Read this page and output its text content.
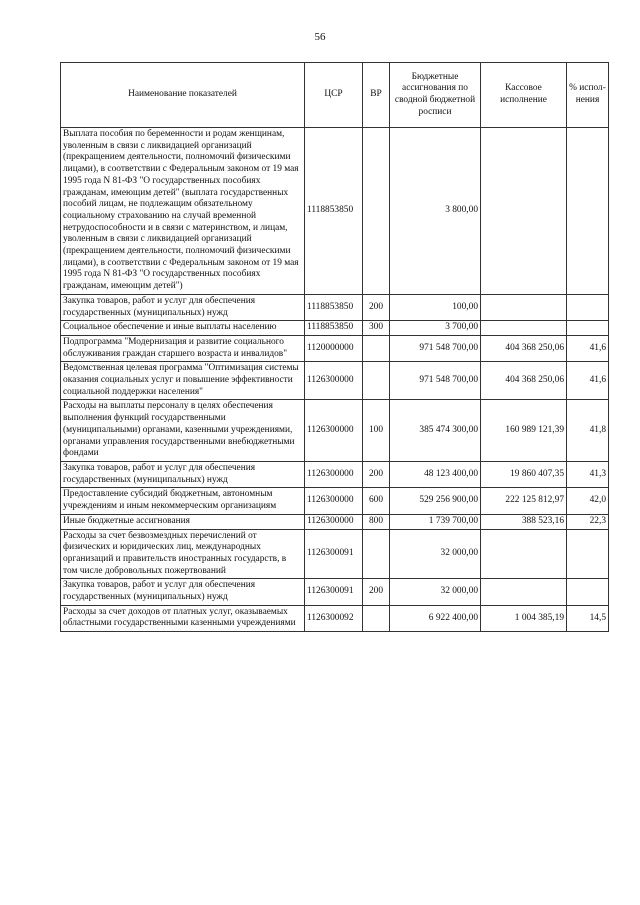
56
Наименование показателей	ЦСР	ВР	Бюджетные ассигнования по сводной бюджетной росписи	Кассовое исполнение	% испол-нения
Выплата пособия по беременности и родам женщинам, уволенным в связи с ликвидацией организаций (прекращением деятельности, полномочий физическими лицами), в соответствии с Федеральным законом от 19 мая 1995 года N 81-ФЗ "О государственных пособиях гражданам, имеющим детей" (выплата государственных пособий лицам, не подлежащим обязательному социальному страхованию на случай временной нетрудоспособности и в связи с материнством, и лицам, уволенным в связи с ликвидацией организаций (прекращением деятельности, полномочий физическими лицами), в соответствии с Федеральным законом от 19 мая 1995 года N 81-ФЗ "О государственных пособиях гражданам, имеющим детей")	1118853850		3 800,00		
Закупка товаров, работ и услуг для обеспечения государственных (муниципальных) нужд	1118853850	200	100,00		
Социальное обеспечение и иные выплаты населению	1118853850	300	3 700,00		
Подпрограмма "Модернизация и развитие социального обслуживания граждан старшего возраста и инвалидов"	1120000000		971 548 700,00	404 368 250,06	41,6
Ведомственная целевая программа "Оптимизация системы оказания социальных услуг и повышение эффективности социальной поддержки населения"	1126300000		971 548 700,00	404 368 250,06	41,6
Расходы на выплаты персоналу в целях обеспечения выполнения функций государственными (муниципальными) органами, казенными учреждениями, органами управления государственными внебюджетными фондами	1126300000	100	385 474 300,00	160 989 121,39	41,8
Закупка товаров, работ и услуг для обеспечения государственных (муниципальных) нужд	1126300000	200	48 123 400,00	19 860 407,35	41,3
Предоставление субсидий бюджетным, автономным учреждениям и иным некоммерческим организациям	1126300000	600	529 256 900,00	222 125 812,97	42,0
Иные бюджетные ассигнования	1126300000	800	1 739 700,00	388 523,16	22,3
Расходы за счет безвозмездных перечислений от физических и юридических лиц, международных организаций и правительств иностранных государств, в том числе добровольных пожертвований	1126300091		32 000,00		
Закупка товаров, работ и услуг для обеспечения государственных (муниципальных) нужд	1126300091	200	32 000,00		
Расходы за счет доходов от платных услуг, оказываемых областными государственными казенными учреждениями	1126300092		6 922 400,00	1 004 385,19	14,5
